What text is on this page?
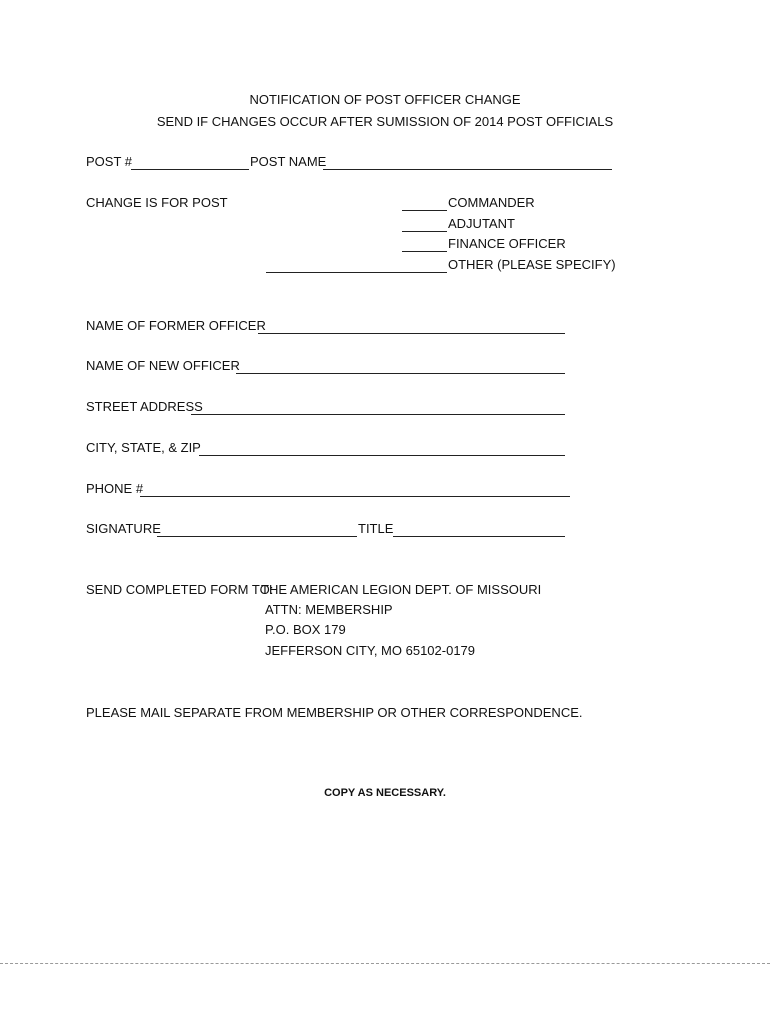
NOTIFICATION OF POST OFFICER CHANGE
SEND IF CHANGES OCCUR AFTER SUMISSION OF 2014 POST OFFICIALS
POST #	POST NAME
CHANGE IS FOR POST	COMMANDER
ADJUTANT
FINANCE OFFICER
OTHER (PLEASE SPECIFY)
NAME OF FORMER OFFICER
NAME OF NEW OFFICER
STREET ADDRESS
CITY, STATE, & ZIP
PHONE #
SIGNATURE	TITLE
SEND COMPLETED FORM TO:
THE AMERICAN LEGION DEPT. OF MISSOURI
ATTN: MEMBERSHIP
P.O. BOX 179
JEFFERSON CITY, MO 65102-0179
PLEASE MAIL SEPARATE FROM MEMBERSHIP OR OTHER CORRESPONDENCE.
COPY AS NECESSARY.
